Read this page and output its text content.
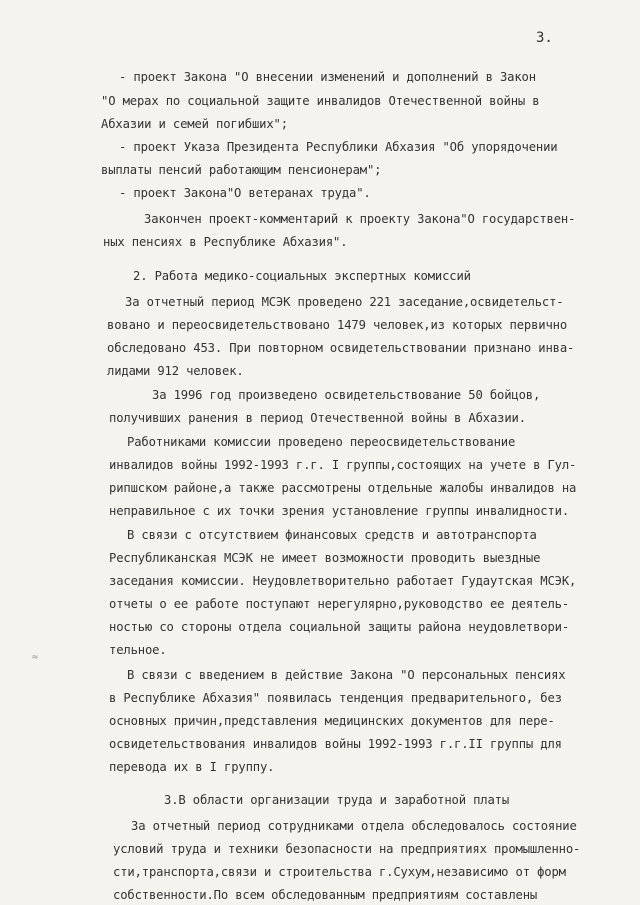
3.
- проект Закона "О внесении изменений и дополнений в Закон
"О мерах по социальной защите инвалидов Отечественной войны в
Абхазии и семей погибших";
- проект Указа Президента Республики Абхазия "Об упорядочении
выплаты пенсий работающим пенсионерам";
- проект Закона"О ветеранах труда".
Закончен проект-комментарий к проекту Закона"О государствен-
ных пенсиях в Республике Абхазия".
2. Работа медико-социальных экспертных комиссий
За отчетный период МСЭК проведено 221 заседание,освидетельст-
вовано и переосвидетельствовано 1479 человек,из которых первично
обследовано 453. При повторном освидетельствовании признано инва-
лидами 912 человек.
За 1996 год произведено освидетельствование 50 бойцов,
получивших ранения в период Отечественной войны в Абхазии.
Работниками комиссии проведено переосвидетельствование
инвалидов войны 1992-1993 г.г. I группы,состоящих на учете в Гул-
рипшском районе,а также рассмотрены отдельные жалобы инвалидов на
неправильное с их точки зрения установление группы инвалидности.
В связи с отсутствием финансовых средств и автотранспорта
Республиканская МСЭК не имеет возможности проводить выездные
заседания комиссии. Неудовлетворительно работает Гудаутская МСЭК,
отчеты о ее работе поступают нерегулярно,руководство ее деятель-
ностью со стороны отдела социальной защиты района неудовлетвори-
тельное.
В связи с введением в действие Закона "О персональных пенсиях
в Республике Абхазия" появилась тенденция предварительного, без
основных причин,представления медицинских документов для пере-
освидетельствования инвалидов войны 1992-1993 г.г.II группы для
перевода их в I группу.
3.В области организации труда и заработной платы
За отчетный период сотрудниками отдела обследовалось состояние
условий труда и техники безопасности на предприятиях промышленно-
сти,транспорта,связи и строительства г.Сухум,независимо от форм
собственности.По всем обследованным предприятиям составлены
≈
